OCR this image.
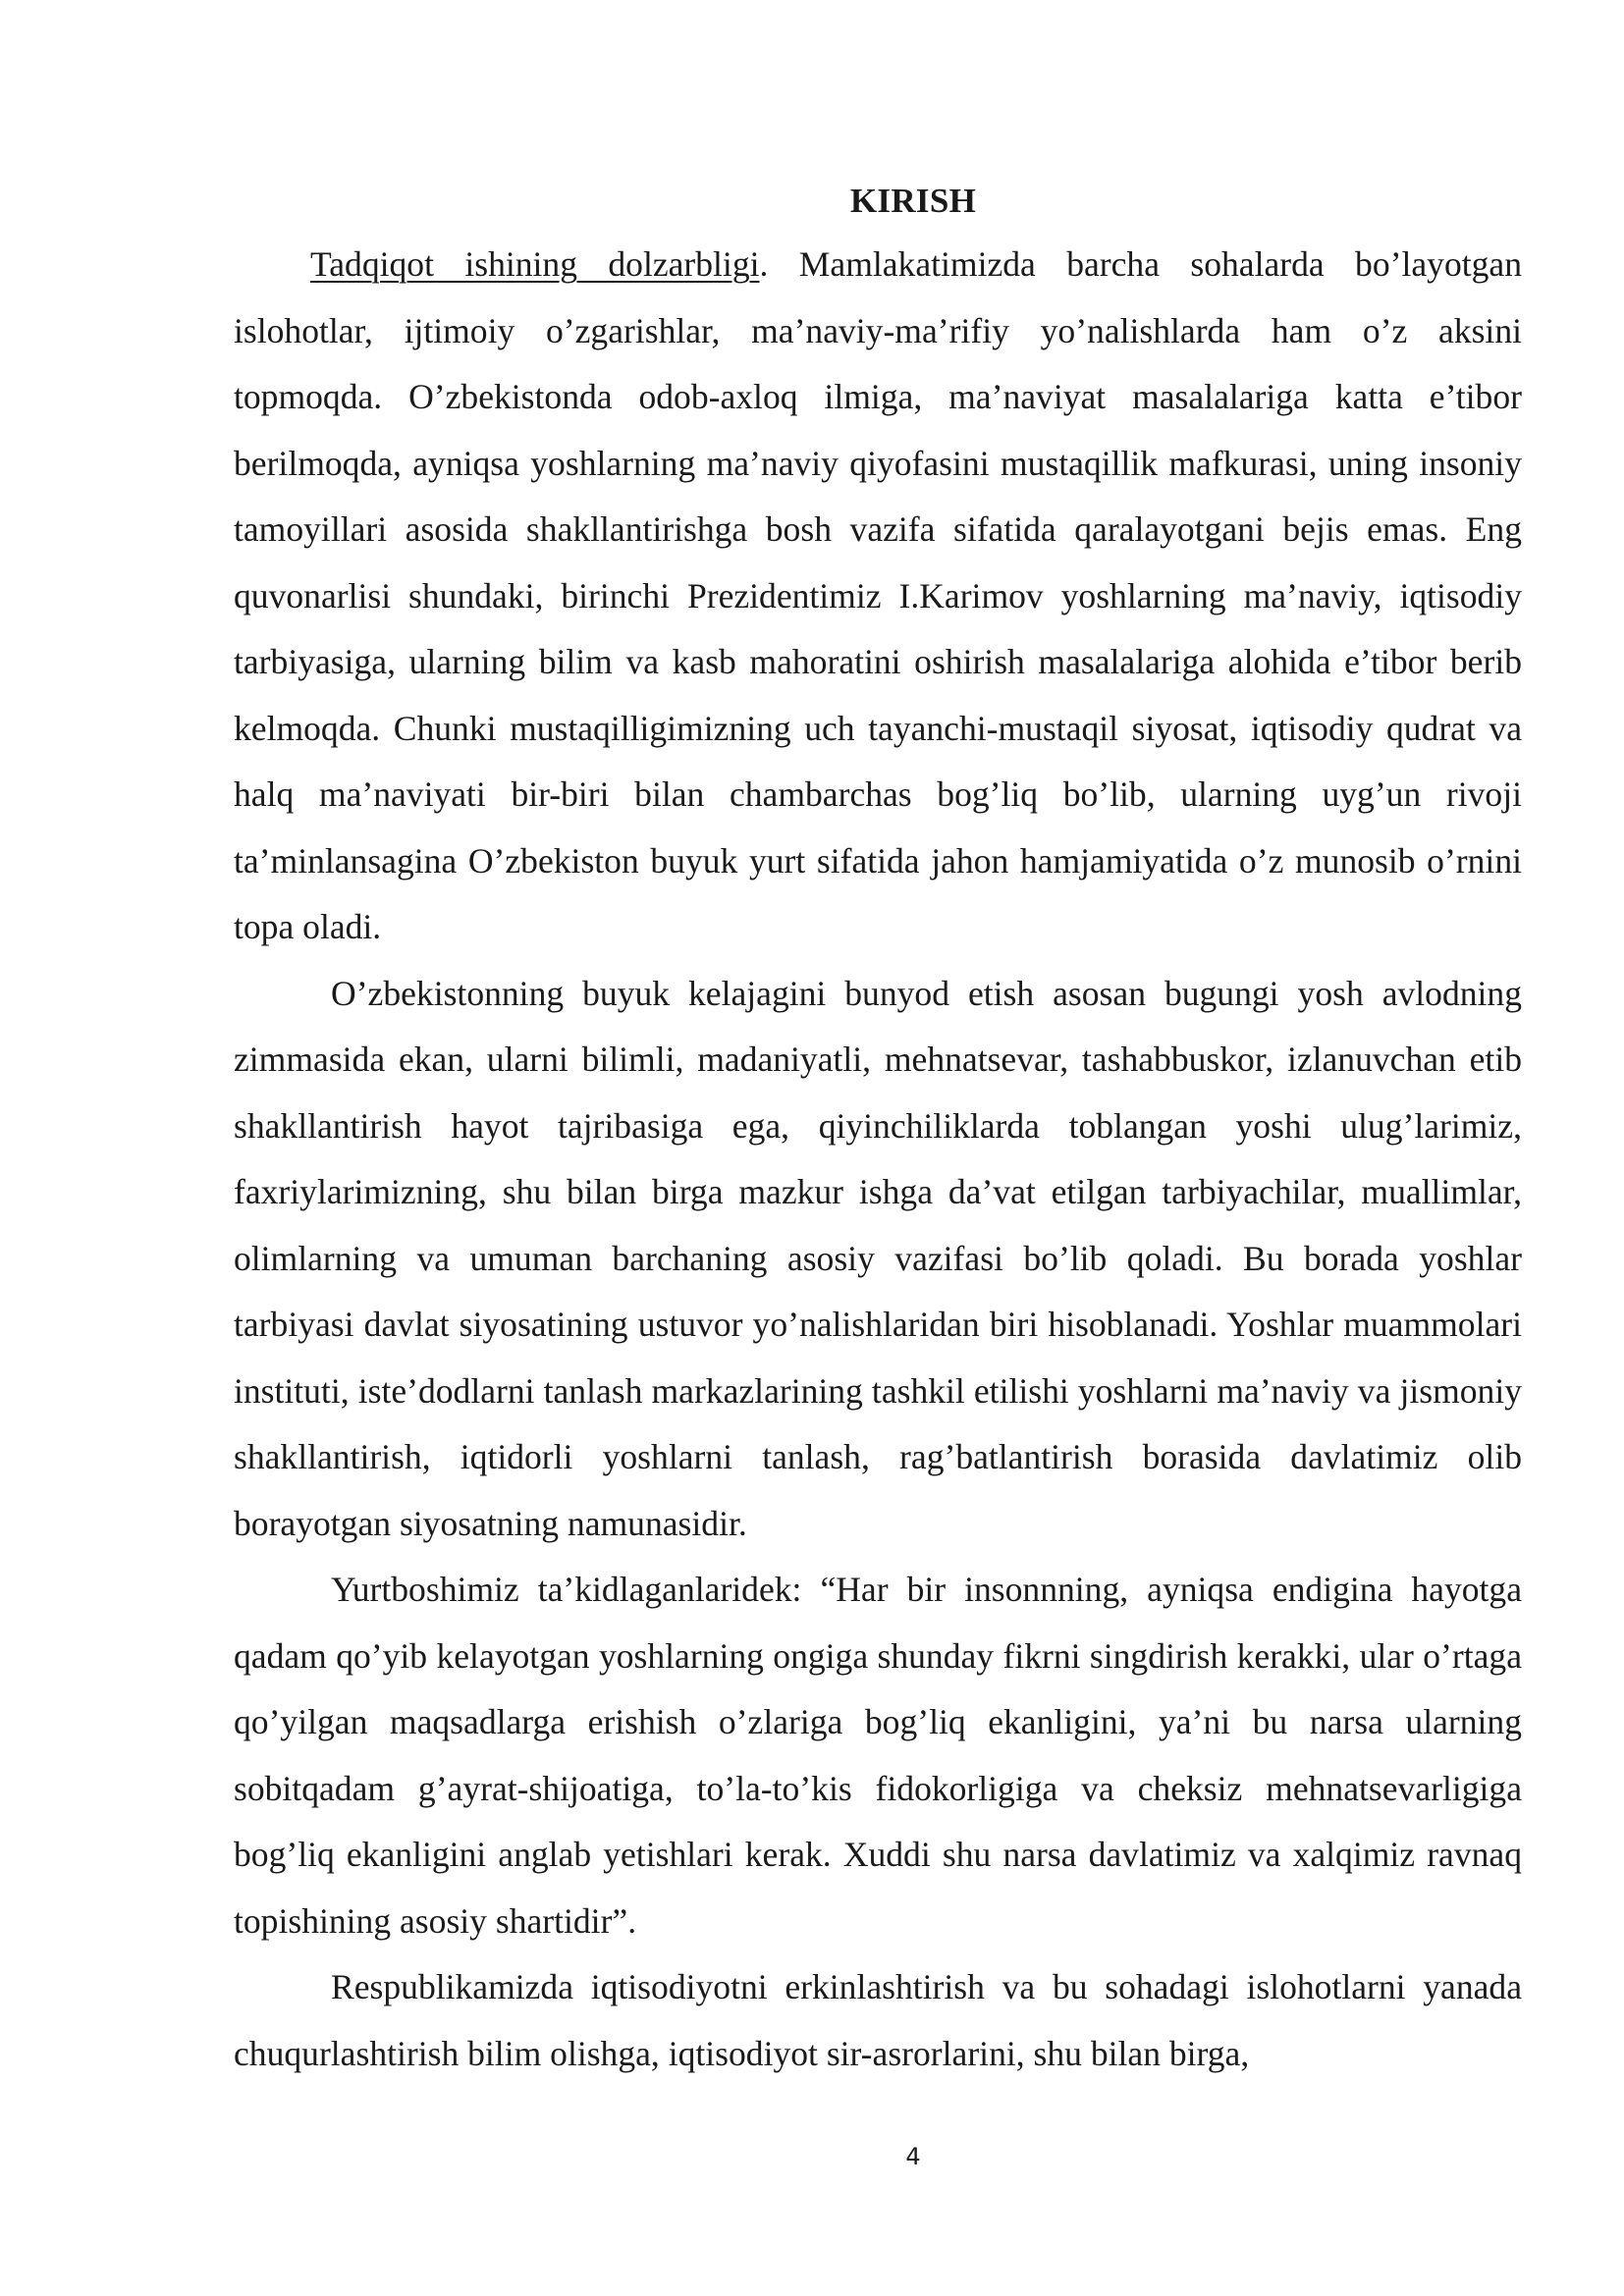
KIRISH

Tadqiqot ishining dolzarbligi. Mamlakatimizda barcha sohalarda bo’layotgan islohotlar, ijtimoiy o’zgarishlar, ma’naviy-ma’rifiy yo’nalishlarda ham o’z aksini topmoqda. O’zbekistonda odob-axloq ilmiga, ma’naviyat masalalariga katta e’tibor berilmoqda, ayniqsa yoshlarning ma’naviy qiyofasini mustaqillik mafkurasi, uning insoniy tamoyillari asosida shakllantirishga bosh vazifa sifatida qaralayotgani bejis emas. Eng quvonarlisi shundaki, birinchi Prezidentimiz I.Karimov yoshlarning ma’naviy, iqtisodiy tarbiyasiga, ularning bilim va kasb mahoratini oshirish masalalariga alohida e’tibor berib kelmoqda. Chunki mustaqilligimizning uch tayanchi-mustaqil siyosat, iqtisodiy qudrat va halq ma’naviyati bir-biri bilan chambarchas bog’liq bo’lib, ularning uyg’un rivoji ta’minlansagina O’zbekiston buyuk yurt sifatida jahon hamjamiyatida o’z munosib o’rnini topa oladi.

O’zbekistonning buyuk kelajagini bunyod etish asosan bugungi yosh avlodning zimmasida ekan, ularni bilimli, madaniyatli, mehnatsevar, tashabbuskor, izlanuvchan etib shakllantirish hayot tajribasiga ega, qiyinchiliklarda toblangan yoshi ulug’larimiz, faxriylarimizning, shu bilan birga mazkur ishga da’vat etilgan tarbiyachilar, muallimlar, olimlarning va umuman barchaning asosiy vazifasi bo’lib qoladi. Bu borada yoshlar tarbiyasi davlat siyosatining ustuvor yo’nalishlaridan biri hisoblanadi. Yoshlar muammolari instituti, iste’dodlarni tanlash markazlarining tashkil etilishi yoshlarni ma’naviy va jismoniy shakllantirish, iqtidorli yoshlarni tanlash, rag’batlantirish borasida davlatimiz olib borayotgan siyosatning namunasidir.

Yurtboshimiz ta’kidlaganlaridek: “Har bir insonnning, ayniqsa endigina hayotga qadam qo’yib kelayotgan yoshlarning ongiga shunday fikrni singdirish kerakki, ular o’rtaga qo’yilgan maqsadlarga erishish o’zlariga bog’liq ekanligini, ya’ni bu narsa ularning sobitqadam g’ayrat-shijoatiga, to’la-to’kis fidokorligiga va cheksiz mehnatsevarligiga bog’liq ekanligini anglab yetishlari kerak. Xuddi shu narsa davlatimiz va xalqimiz ravnaq topishining asosiy shartidir”.

Respublikamizda iqtisodiyotni erkinlashtirish va bu sohadagi islohotlarni yanada chuqurlashtirish bilim olishga, iqtisodiyot sir-asrorlarini, shu bilan birga,

4
